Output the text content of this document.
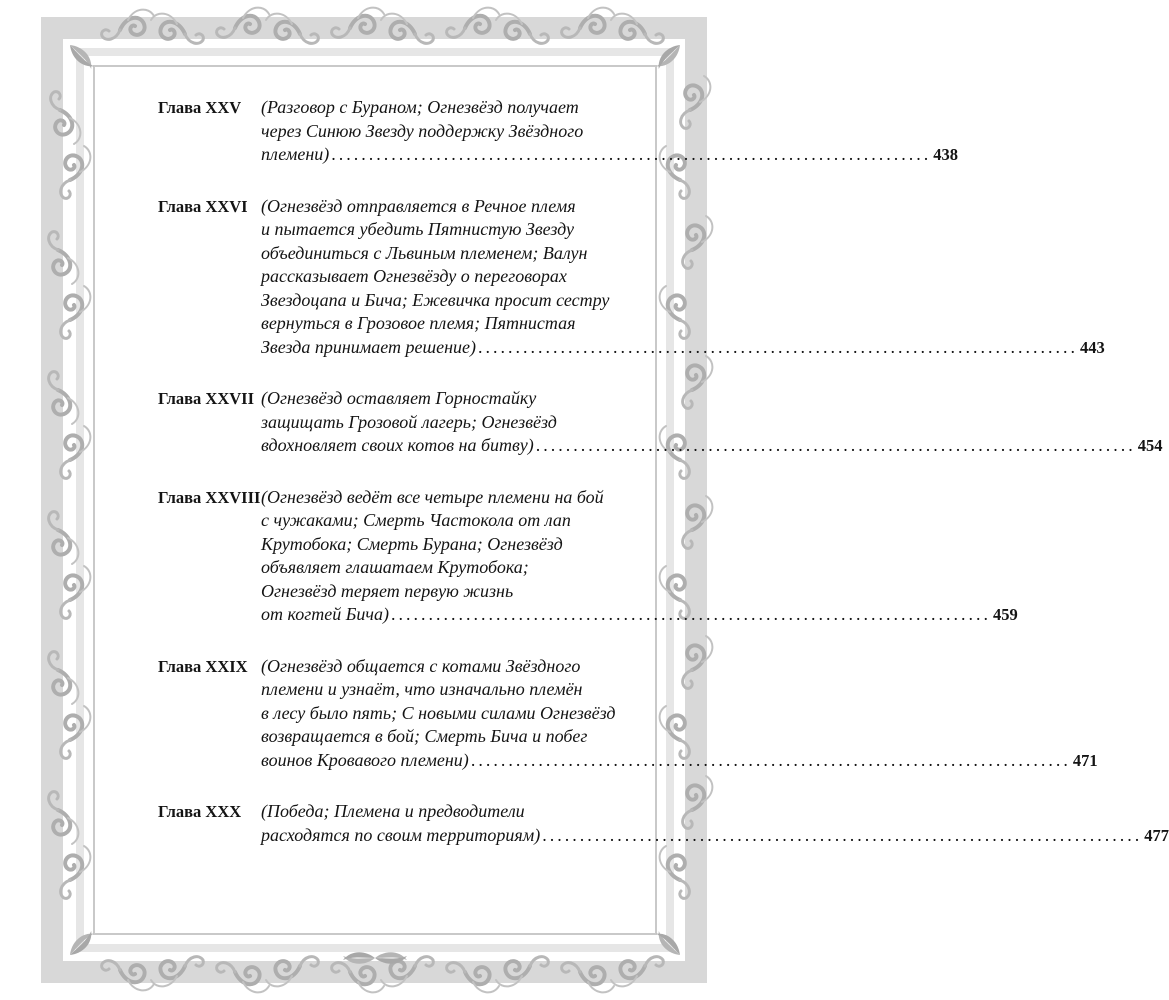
Глава XXV	(Разговор с Бураном; Огнезвёзд получает
через Синюю Звезду поддержку Звёздного
племени) ................................................................................ 438
Глава XXVI (Огнезвёзд отправляется в Речное племя
и пытается убедить Пятнистую Звезду
объединиться с Львиным племенем; Валун
рассказывает Огнезвёзду о переговорах
Звездоцапа и Бича; Ежевичка просит сестру
вернуться в Грозовое племя; Пятнистая
Звезда принимает решение) ................................................................................ 443
Глава XXVII (Огнезвёзд оставляет Горностайку
защищать Грозовой лагерь; Огнезвёзд
вдохновляет своих котов на битву) ................................................................................ 454
Глава XXVIII (Огнезвёзд ведёт все четыре племени на бой
с чужаками; Смерть Частокола от лап
Крутобока; Смерть Бурана; Огнезвёзд
объявляет глашатаем Крутобока;
Огнезвёзд теряет первую жизнь
от когтей Бича) ................................................................................ 459
Глава XXIX (Огнезвёзд общается с котами Звёздного
племени и узнаёт, что изначально племён
в лесу было пять; С новыми силами Огнезвёзд
возвращается в бой; Смерть Бича и побег
воинов Кровавого племени) ................................................................................ 471
Глава XXX	(Победа; Племена и предводители
расходятся по своим территориям) ................................................................................ 477
